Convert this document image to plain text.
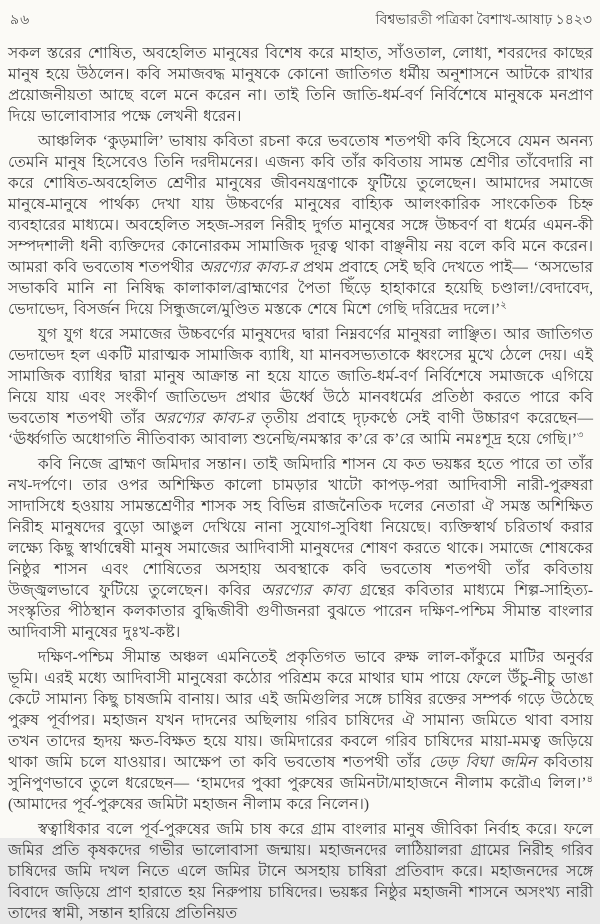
৯৬	বিশ্বভারতী পত্রিকা বৈশাখ-আষাঢ় ১৪২৩

সকল স্তরের শোষিত, অবহেলিত মানুষের বিশেষ করে মাহাত, সাঁওতাল, লোধা, শবরদের কাছের মানুষ হয়ে উঠলেন। কবি সমাজবদ্ধ মানুষকে কোনো জাতিগত ধর্মীয় অনুশাসনে আটকে রাখার প্রয়োজনীয়তা আছে বলে মনে করেন না। তাই তিনি জাতি-ধর্ম-বর্ণ নির্বিশেষে মানুষকে মনপ্রাণ দিয়ে ভালোবাসার পক্ষে লেখনী ধরেন।

আঞ্চলিক ‘কুড়মালি’ ভাষায় কবিতা রচনা করে ভবতোষ শতপথী কবি হিসেবে যেমন অনন্য তেমনি মানুষ হিসেবেও তিনি দরদীমনের। এজন্য কবি তাঁর কবিতায় সামন্ত শ্রেণীর তাঁবেদারি না করে শোষিত-অবহেলিত শ্রেণীর মানুষের জীবনযন্ত্রণাকে ফুটিয়ে তুলেছেন। আমাদের সমাজে মানুষে-মানুষে পার্থক্য দেখা যায় উচ্চবর্ণের মানুষের বাহ্যিক আলংকারিক সাংকেতিক চিহ্ন ব্যবহারের মাধ্যমে। অবহেলিত সহজ-সরল নিরীহ দুর্গত মানুষের সঙ্গে উচ্চবর্ণ বা ধর্মের এমন-কী সম্পদশালী ধনী ব্যক্তিদের কোনোরকম সামাজিক দূরত্ব থাকা বাঞ্ছনীয় নয় বলে কবি মনে করেন। আমরা কবি ভবতোষ শতপথীর অরণ্যের কাব্য-র প্রথম প্রবাহে সেই ছবি দেখতে পাই— ‘অসভোর সভাকবি মানি না নিষিদ্ধ কালাকাল/ব্রাহ্মণের পৈতা ছিঁড়ে হাহাকারে হয়েছি চণ্ডাল!/বেদাবেদ, ভেদাভেদ, বিসর্জন দিয়ে সিন্ধুজলে/মুণ্ডিত মস্তকে শেষে মিশে গেছি দরিদ্রের দলে।’$^২$

যুগ যুগ ধরে সমাজের উচ্চবর্ণের মানুষদের দ্বারা নিম্নবর্ণের মানুষরা লাঞ্ছিত। আর জাতিগত ভেদাভেদ হল একটি মারাত্মক সামাজিক ব্যাধি, যা মানবসভ্যতাকে ধ্বংসের মুখে ঠেলে দেয়। এই সামাজিক ব্যাধির দ্বারা মানুষ আক্রান্ত না হয়ে যাতে জাতি-ধর্ম-বর্ণ নির্বিশেষে সমাজকে এগিয়ে নিয়ে যায় এবং সংকীর্ণ জাতিভেদ প্রথার ঊর্ধ্বে উঠে মানবধর্মের প্রতিষ্ঠা করতে পারে কবি ভবতোষ শতপথী তাঁর অরণ্যের কাব্য-র তৃতীয় প্রবাহে দৃঢ়কণ্ঠে সেই বাণী উচ্চারণ করেছেন— ‘ঊর্ধ্বগতি অধোগতি নীতিবাক্য আবাল্য শুনেছি/নমস্কার ক’রে ক’রে আমি নমঃশূদ্র হয়ে গেছি।’$^৩$

কবি নিজে ব্রাহ্মণ জমিদার সন্তান। তাই জমিদারি শাসন যে কত ভয়ঙ্কর হতে পারে তা তাঁর নখ-দর্পণে। তার ওপর অশিক্ষিত কালো চামড়ার খাটো কাপড়-পরা আদিবাসী নারী-পুরুষরা সাদাসিধে হওয়ায় সামন্তশ্রেণীর শাসক সহ বিভিন্ন রাজনৈতিক দলের নেতারা ঐ সমস্ত অশিক্ষিত নিরীহ মানুষদের বুড়ো আঙুল দেখিয়ে নানা সুযোগ-সুবিধা নিয়েছে। ব্যক্তিস্বার্থ চরিতার্থ করার লক্ষ্যে কিছু স্বার্থান্বেষী মানুষ সমাজের আদিবাসী মানুষদের শোষণ করতে থাকে। সমাজে শোষকের নিষ্ঠুর শাসন এবং শোষিতের অসহায় অবস্থাকে কবি ভবতোষ শতপথী তাঁর কবিতায় উজ্জ্বলভাবে ফুটিয়ে তুলেছেন। কবির অরণ্যের কাব্য গ্রন্থের কবিতার মাধ্যমে শিল্প-সাহিত্য-সংস্কৃতির পীঠস্থান কলকাতার বুদ্ধিজীবী গুণীজনরা বুঝতে পারেন দক্ষিণ-পশ্চিম সীমান্ত বাংলার আদিবাসী মানুষের দুঃখ-কষ্ট।

দক্ষিণ-পশ্চিম সীমান্ত অঞ্চল এমনিতেই প্রকৃতিগত ভাবে রুক্ষ লাল-কাঁকুরে মাটির অনুর্বর ভূমি। এরই মধ্যে আদিবাসী মানুষেরা কঠোর পরিশ্রম করে মাথার ঘাম পায়ে ফেলে উঁচু-নীচু ডাঙা কেটে সামান্য কিছু চাষজমি বানায়। আর এই জমিগুলির সঙ্গে চাষির রক্তের সম্পর্ক গড়ে উঠেছে পুরুষ পূর্বাপর। মহাজন যখন দাদনের অছিলায় গরিব চাষিদের ঐ সামান্য জমিতে থাবা বসায় তখন তাদের হৃদয় ক্ষত-বিক্ষত হয়ে যায়। জমিদারের কবলে গরিব চাষিদের মায়া-মমত্ব জড়িয়ে থাকা জমি চলে যাওয়ার। আক্ষেপ তা কবি ভবতোষ শতপথী তাঁর ডেড় বিঘা জমিন কবিতায় সুনিপুণভাবে তুলে ধরেছেন— ‘হামদের পুব্বা পুরুষের জমিনটা/মাহাজনে নীলাম করৌএ লিল।’$^৪$ (আমাদের পূর্ব-পুরুষের জমিটা মহাজন নীলাম করে নিলেন।)

স্বত্বাধিকার বলে পূর্ব-পুরুষের জমি চাষ করে গ্রাম বাংলার মানুষ জীবিকা নির্বাহ করে। ফলে জমির প্রতি কৃষকদের গভীর ভালোবাসা জন্মায়। মহাজনদের লাঠিয়ালরা গ্রামের নিরীহ গরিব চাষিদের জমি দখল নিতে এলে জমির টানে অসহায় চাষিরা প্রতিবাদ করে। মহাজনদের সঙ্গে বিবাদে জড়িয়ে প্রাণ হারাতে হয় নিরুপায় চাষিদের। ভয়ঙ্কর নিষ্ঠুর মহাজনী শাসনে অসংখ্য নারী তাদের স্বামী, সন্তান হারিয়ে প্রতিনিয়ত
